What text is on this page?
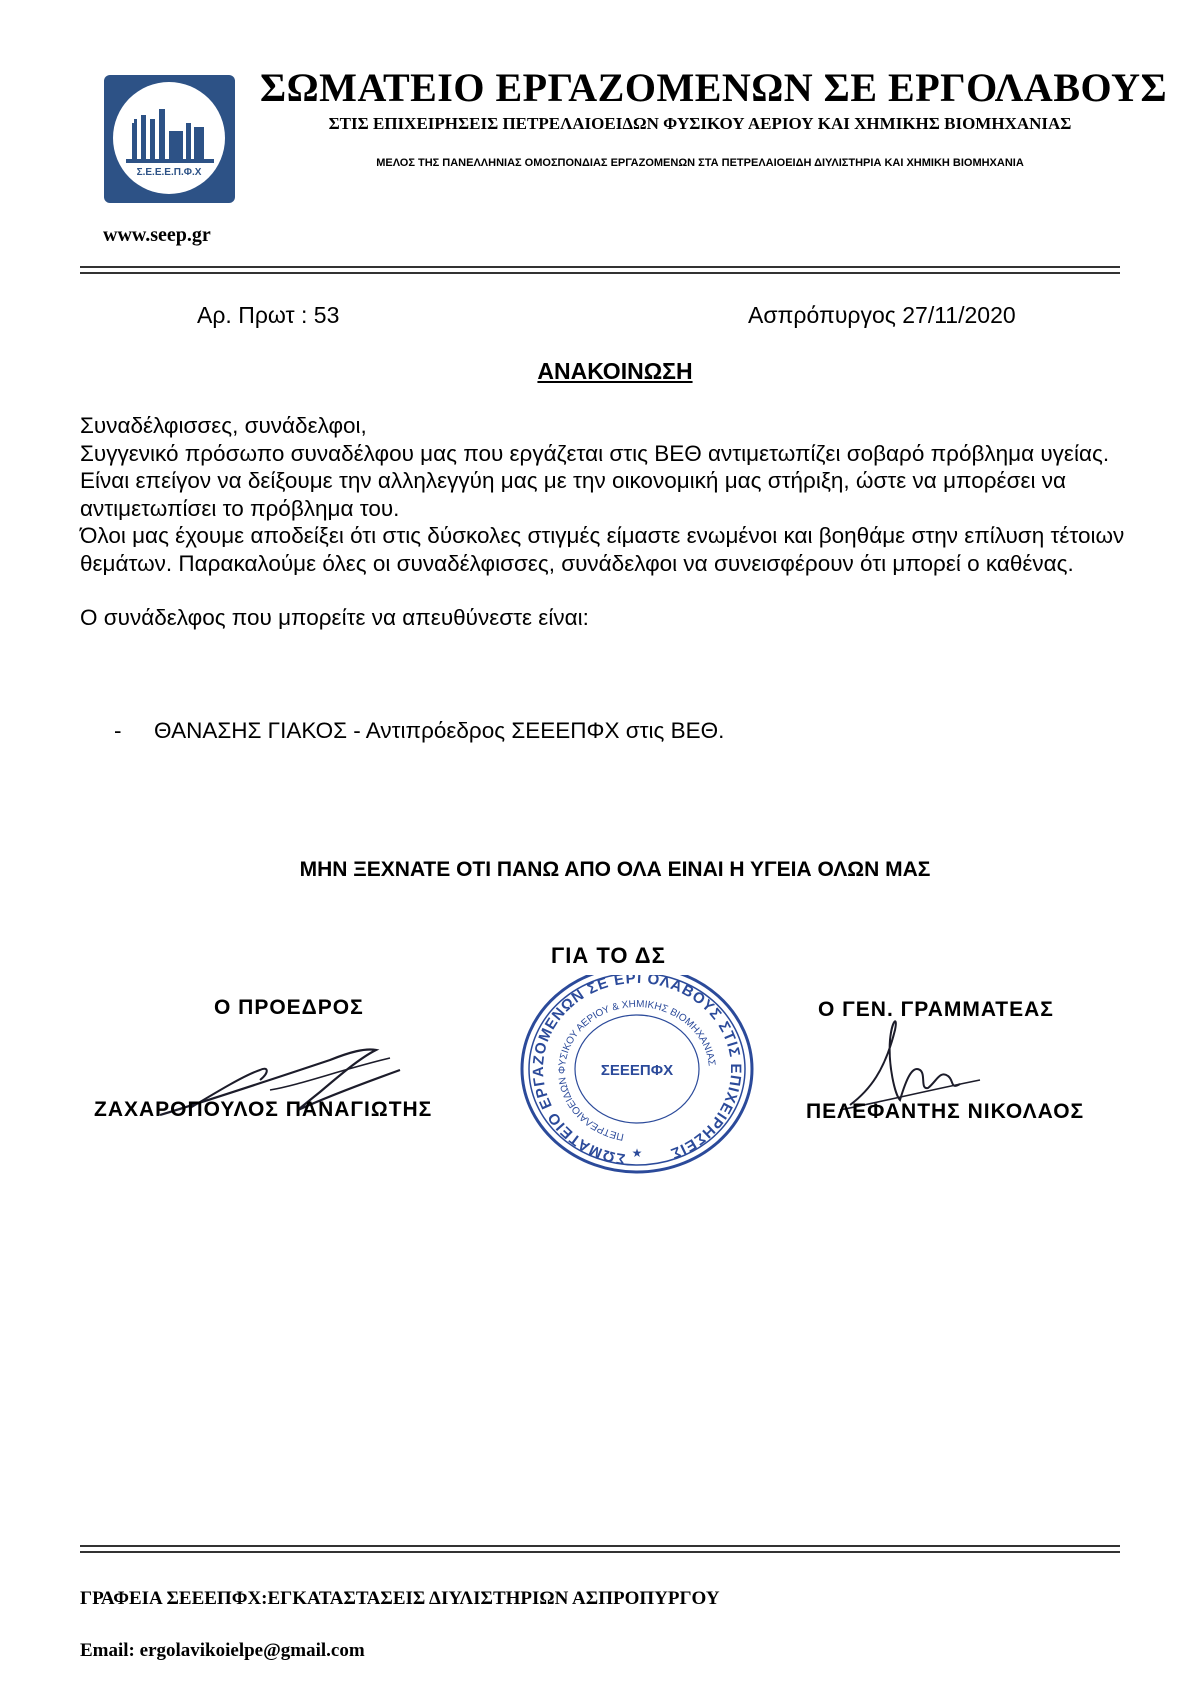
Σ.Ε.Ε.Ε.Π.Φ.Χ
ΣΩΜΑΤΕΙΟ ΕΡΓΑΖΟΜΕΝΩΝ ΣΕ ΕΡΓΟΛΑΒΟΥΣ
ΣΤΙΣ ΕΠΙΧΕΙΡΗΣΕΙΣ ΠΕΤΡΕΛΑΙΟΕΙΔΩΝ ΦΥΣΙΚΟΥ ΑΕΡΙΟΥ ΚΑΙ ΧΗΜΙΚΗΣ ΒΙΟΜΗΧΑΝΙΑΣ
ΜΕΛΟΣ ΤΗΣ ΠΑΝΕΛΛΗΝΙΑΣ ΟΜΟΣΠΟΝΔΙΑΣ ΕΡΓΑΖΟΜΕΝΩΝ ΣΤΑ ΠΕΤΡΕΛΑΙΟΕΙΔΗ ΔΙΥΛΙΣΤΗΡΙΑ ΚΑΙ ΧΗΜΙΚΗ ΒΙΟΜΗΧΑΝΙΑ
www.seep.gr
Αρ. Πρωτ : 53	Ασπρόπυργος 27/11/2020
ΑΝΑΚΟΙΝΩΣΗ

Συναδέλφισσες, συνάδελφοι,

Συγγενικό πρόσωπο συναδέλφου μας που εργάζεται στις ΒΕΘ αντιμετωπίζει σοβαρό πρόβλημα υγείας.

Είναι επείγον να δείξουμε την αλληλεγγύη μας με την οικονομική μας στήριξη, ώστε να μπορέσει να αντιμετωπίσει το πρόβλημα του.

Όλοι μας έχουμε αποδείξει ότι στις δύσκολες στιγμές είμαστε ενωμένοι και βοηθάμε στην επίλυση τέτοιων θεμάτων. Παρακαλούμε όλες οι συναδέλφισσες, συνάδελφοι να συνεισφέρουν ότι μπορεί ο καθένας.

Ο συνάδελφος που μπορείτε να απευθύνεστε είναι:

- ΘΑΝΑΣΗΣ ΓΙΑΚΟΣ - Αντιπρόεδρος ΣΕΕΕΠΦΧ στις ΒΕΘ.
ΜΗΝ ΞΕΧΝΑΤΕ ΟΤΙ ΠΑΝΩ ΑΠΟ ΟΛΑ ΕΙΝΑΙ Η ΥΓΕΙΑ ΟΛΩΝ ΜΑΣ
ΓΙΑ ΤΟ ΔΣ
Ο ΠΡΟΕΔΡΟΣ	Ο ΓΕΝ. ΓΡΑΜΜΑΤΕΑΣ
ΖΑΧΑΡΟΠΟΥΛΟΣ ΠΑΝΑΓΙΩΤΗΣ	ΠΕΛΕΦΑΝΤΗΣ ΝΙΚΟΛΑΟΣ
ΣΩΜΑΤΕΙΟ ΕΡΓΑΖΟΜΕΝΩΝ ΣΕ ΕΡΓΟΛΑΒΟΥΣ ΣΤΙΣ ΕΠΙΧΕΙΡΗΣΕΙΣ
ΠΕΤΡΕΛΑΙΟΕΙΔΩΝ ΦΥΣΙΚΟΥ ΑΕΡΙΟΥ & ΧΗΜΙΚΗΣ ΒΙΟΜΗΧΑΝΙΑΣ
ΣΕΕΕΠΦΧ
★
ΓΡΑΦΕΙΑ ΣΕΕΕΠΦΧ:ΕΓΚΑΤΑΣΤΑΣΕΙΣ ΔΙΥΛΙΣΤΗΡΙΩΝ ΑΣΠΡΟΠΥΡΓΟΥ
Email: ergolavikoielpe@gmail.com
